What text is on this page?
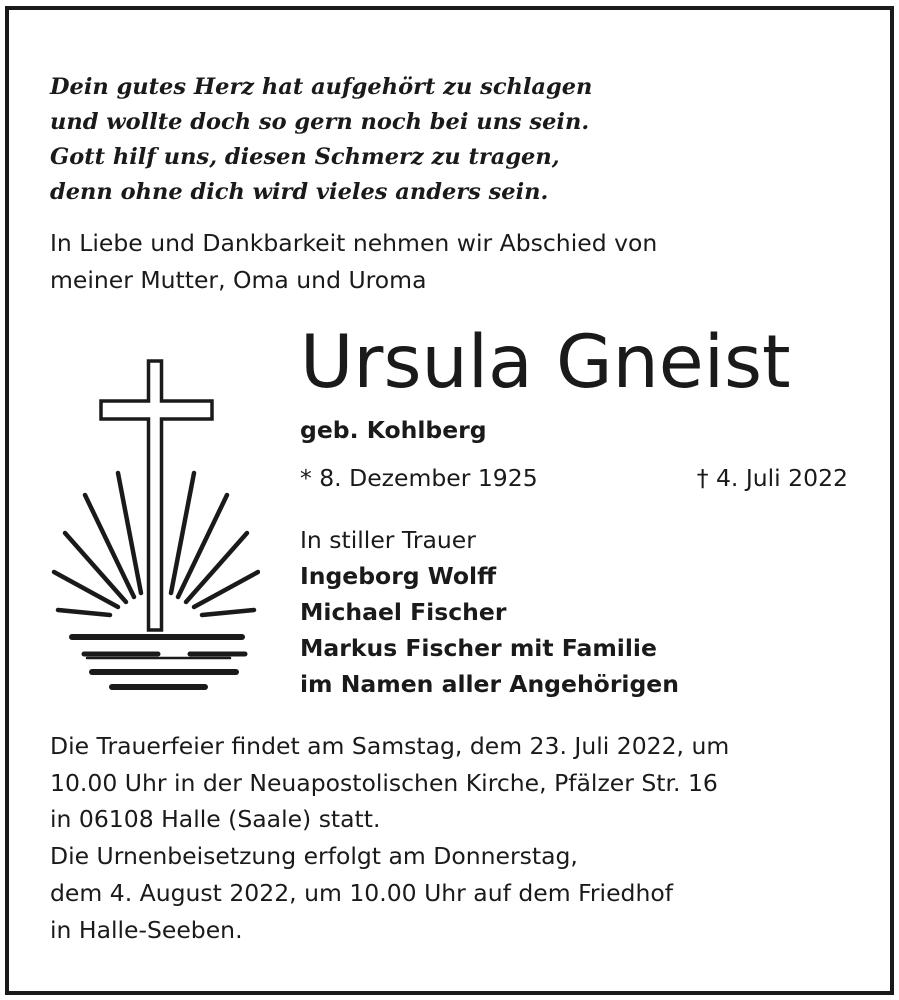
Dein gutes Herz hat aufgehört zu schlagen
und wollte doch so gern noch bei uns sein.
Gott hilf uns, diesen Schmerz zu tragen,
denn ohne dich wird vieles anders sein.

In Liebe und Dankbarkeit nehmen wir Abschied von
meiner Mutter, Oma und Uroma

Ursula Gneist
geb. Kohlberg
* 8. Dezember 1925	† 4. Juli 2022
In stiller Trauer
Ingeborg Wolff
Michael Fischer
Markus Fischer mit Familie
im Namen aller Angehörigen

Die Trauerfeier findet am Samstag, dem 23. Juli 2022, um
10.00 Uhr in der Neuapostolischen Kirche, Pfälzer Str. 16
in 06108 Halle (Saale) statt.
Die Urnenbeisetzung erfolgt am Donnerstag,
dem 4. August 2022, um 10.00 Uhr auf dem Friedhof
in Halle-Seeben.
